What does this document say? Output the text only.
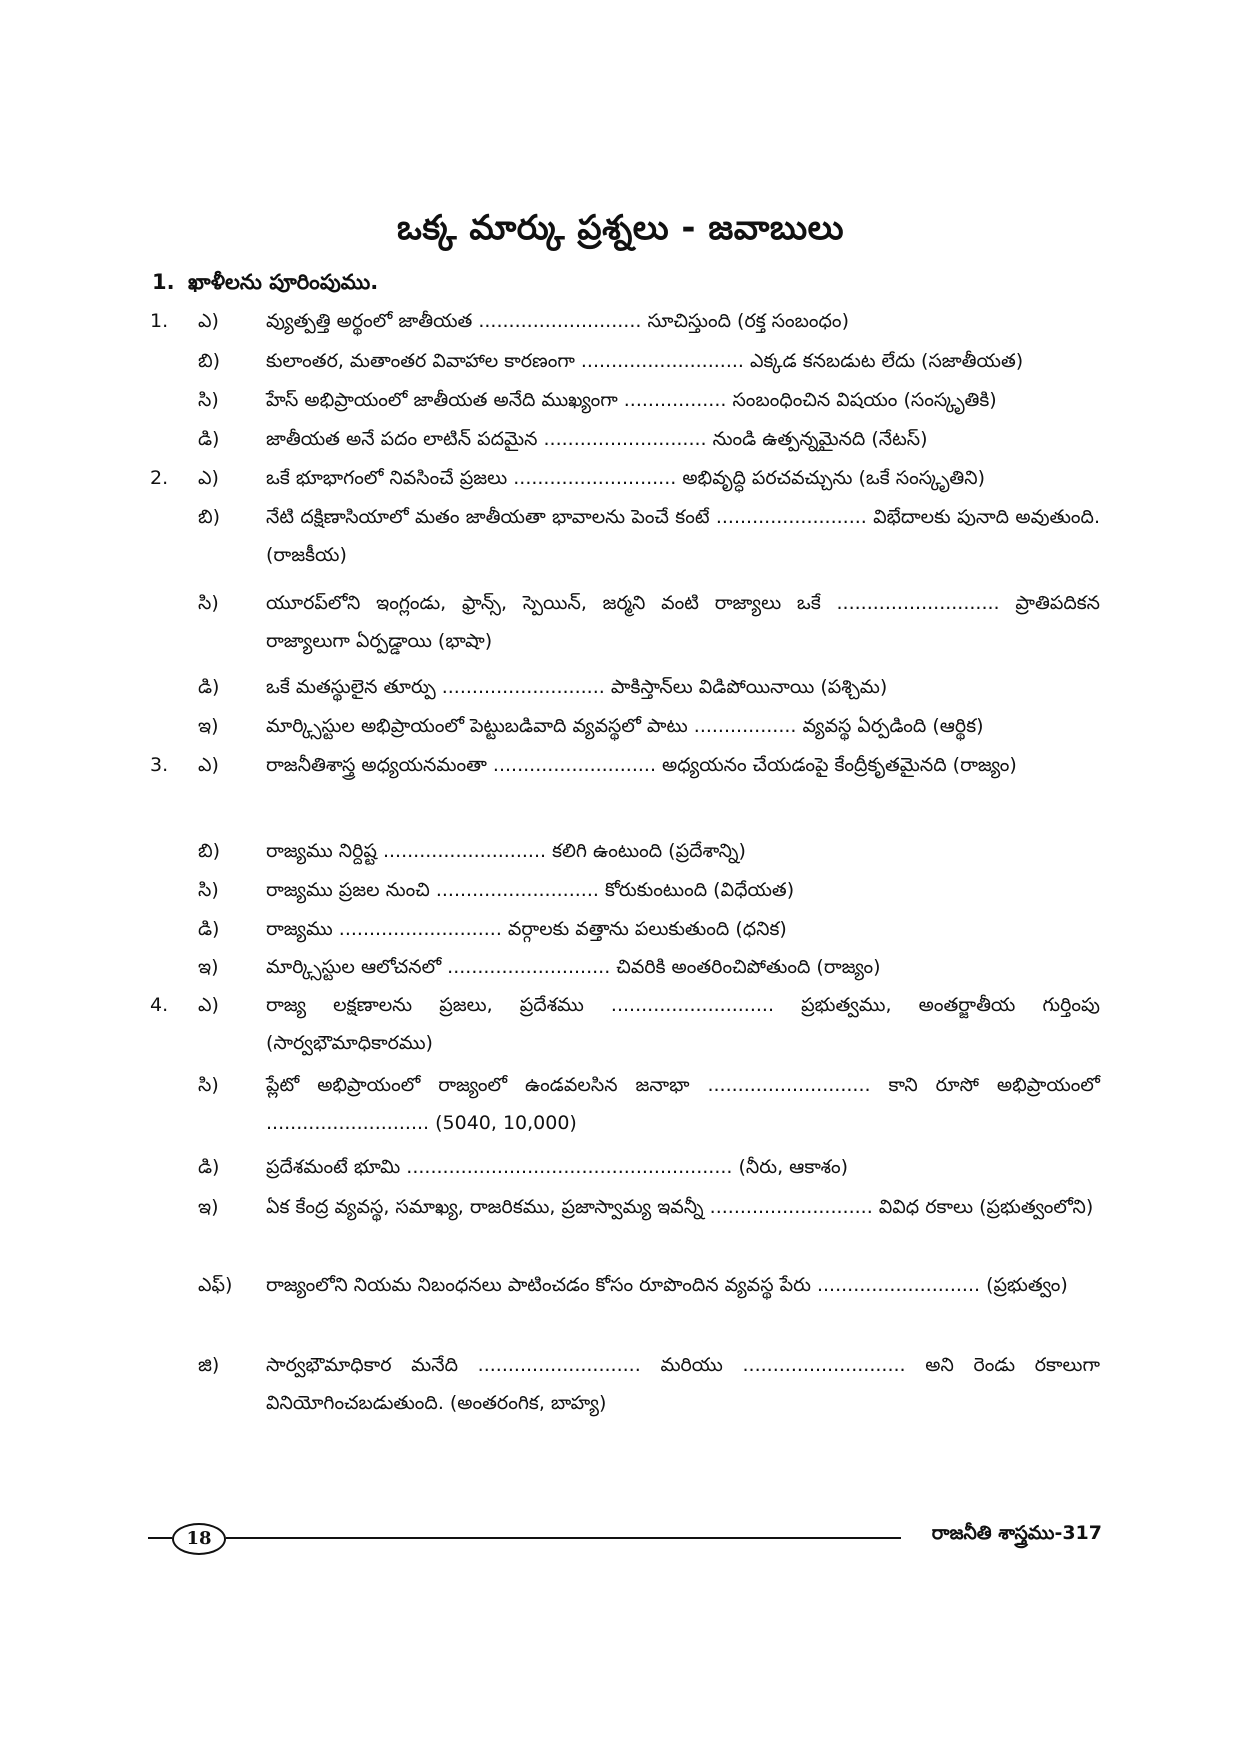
ఒక్క మార్కు ప్రశ్నలు - జవాబులు
1. ఖాళీలను పూరింపుము.
1.	ఎ)	వ్యుత్పత్తి అర్థంలో జాతీయత ........................... సూచిస్తుంది (రక్త సంబంధం)
బి)	కులాంతర, మతాంతర వివాహాల కారణంగా ........................... ఎక్కడ కనబడుట లేదు (సజాతీయత)
సి)	హేస్ అభిప్రాయంలో జాతీయత అనేది ముఖ్యంగా ................. సంబంధించిన విషయం (సంస్కృతికి)
డి)	జాతీయత అనే పదం లాటిన్ పదమైన ........................... నుండి ఉత్పన్నమైనది (నేటస్)
2.	ఎ)	ఒకే భూభాగంలో నివసించే ప్రజలు ........................... అభివృద్ధి పరచవచ్చును (ఒకే సంస్కృతిని)
బి)	నేటి దక్షిణాసియాలో మతం జాతీయతా భావాలను పెంచే కంటే ......................... విభేదాలకు పునాది అవుతుంది. (రాజకీయ)
సి)	యూరప్‌లోని ఇంగ్లండు, ఫ్రాన్స్, స్పెయిన్, జర్మని వంటి రాజ్యాలు ఒకే ........................... ప్రాతిపదికన రాజ్యాలుగా ఏర్పడ్డాయి (భాషా)
డి)	ఒకే మతస్థులైన తూర్పు ........................... పాకిస్తాన్‌లు విడిపోయినాయి (పశ్చిమ)
ఇ)	మార్క్సిస్టుల అభిప్రాయంలో పెట్టుబడివాది వ్యవస్థలో పాటు ................. వ్యవస్థ ఏర్పడింది (ఆర్థిక)
3.	ఎ)	రాజనీతిశాస్త్ర అధ్యయనమంతా ........................... అధ్యయనం చేయడంపై కేంద్రీకృతమైనది (రాజ్యం)
బి)	రాజ్యము నిర్దిష్ట ........................... కలిగి ఉంటుంది (ప్రదేశాన్ని)
సి)	రాజ్యము ప్రజల నుంచి ........................... కోరుకుంటుంది (విధేయత)
డి)	రాజ్యము ........................... వర్గాలకు వత్తాను పలుకుతుంది (ధనిక)
ఇ)	మార్క్సిస్టుల ఆలోచనలో ........................... చివరికి అంతరించిపోతుంది (రాజ్యం)
4.	ఎ)	రాజ్య లక్షణాలను ప్రజలు, ప్రదేశము ........................... ప్రభుత్వము, అంతర్జాతీయ గుర్తింపు (సార్వభౌమాధికారము)
సి)	ప్లేటో అభిప్రాయంలో రాజ్యంలో ఉండవలసిన జనాభా ........................... కాని రూసో అభిప్రాయంలో ........................... (5040, 10,000)
డి)	ప్రదేశమంటే భూమి ...................................................... (నీరు, ఆకాశం)
ఇ)	ఏక కేంద్ర వ్యవస్థ, సమాఖ్య, రాజరికము, ప్రజాస్వామ్య ఇవన్నీ ........................... వివిధ రకాలు (ప్రభుత్వంలోని)
ఎఫ్)	రాజ్యంలోని నియమ నిబంధనలు పాటించడం కోసం రూపొందిన వ్యవస్థ పేరు ........................... (ప్రభుత్వం)
జి)	సార్వభౌమాధికార మనేది ........................... మరియు ........................... అని రెండు రకాలుగా వినియోగించబడుతుంది. (అంతరంగిక, బాహ్య)
18	రాజనీతి శాస్త్రము-317
